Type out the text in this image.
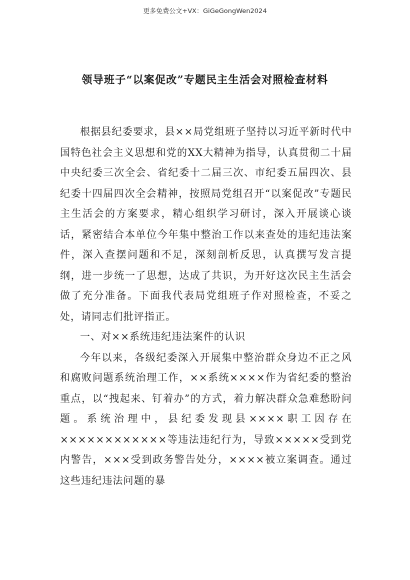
更多免费公文+VX：GiGeGongWen2024
领导班子“以案促改”专题民主生活会对照检查材料

根据县纪委要求，县××局党组班子坚持以习近平新时代中国特色社会主义思想和党的XX大精神为指导，认真贯彻二十届中央纪委三次全会、省纪委十二届三次、市纪委五届四次、县纪委十四届四次全会精神，按照局党组召开“以案促改”专题民主生活会的方案要求，精心组织学习研讨，深入开展谈心谈话，紧密结合本单位今年集中整治工作以来查处的违纪违法案件，深入查摆问题和不足，深刻剖析反思，认真撰写发言提纲，进一步统一了思想，达成了共识，为开好这次民主生活会做了充分准备。下面我代表局党组班子作对照检查，不妥之处，请同志们批评指正。

一、对××系统违纪违法案件的认识

今年以来，各级纪委深入开展集中整治群众身边不正之风和腐败问题系统治理工作，××系统××××作为省纪委的整治重点，以“拽起来、钉着办”的方式，着力解决群众急难愁盼问题。系统治理中，县纪委发现县××××职工因存在××××××××××××等违法违纪行为，导致×××××受到党内警告，×××受到政务警告处分，××××被立案调查。通过这些违纪违法问题的暴
